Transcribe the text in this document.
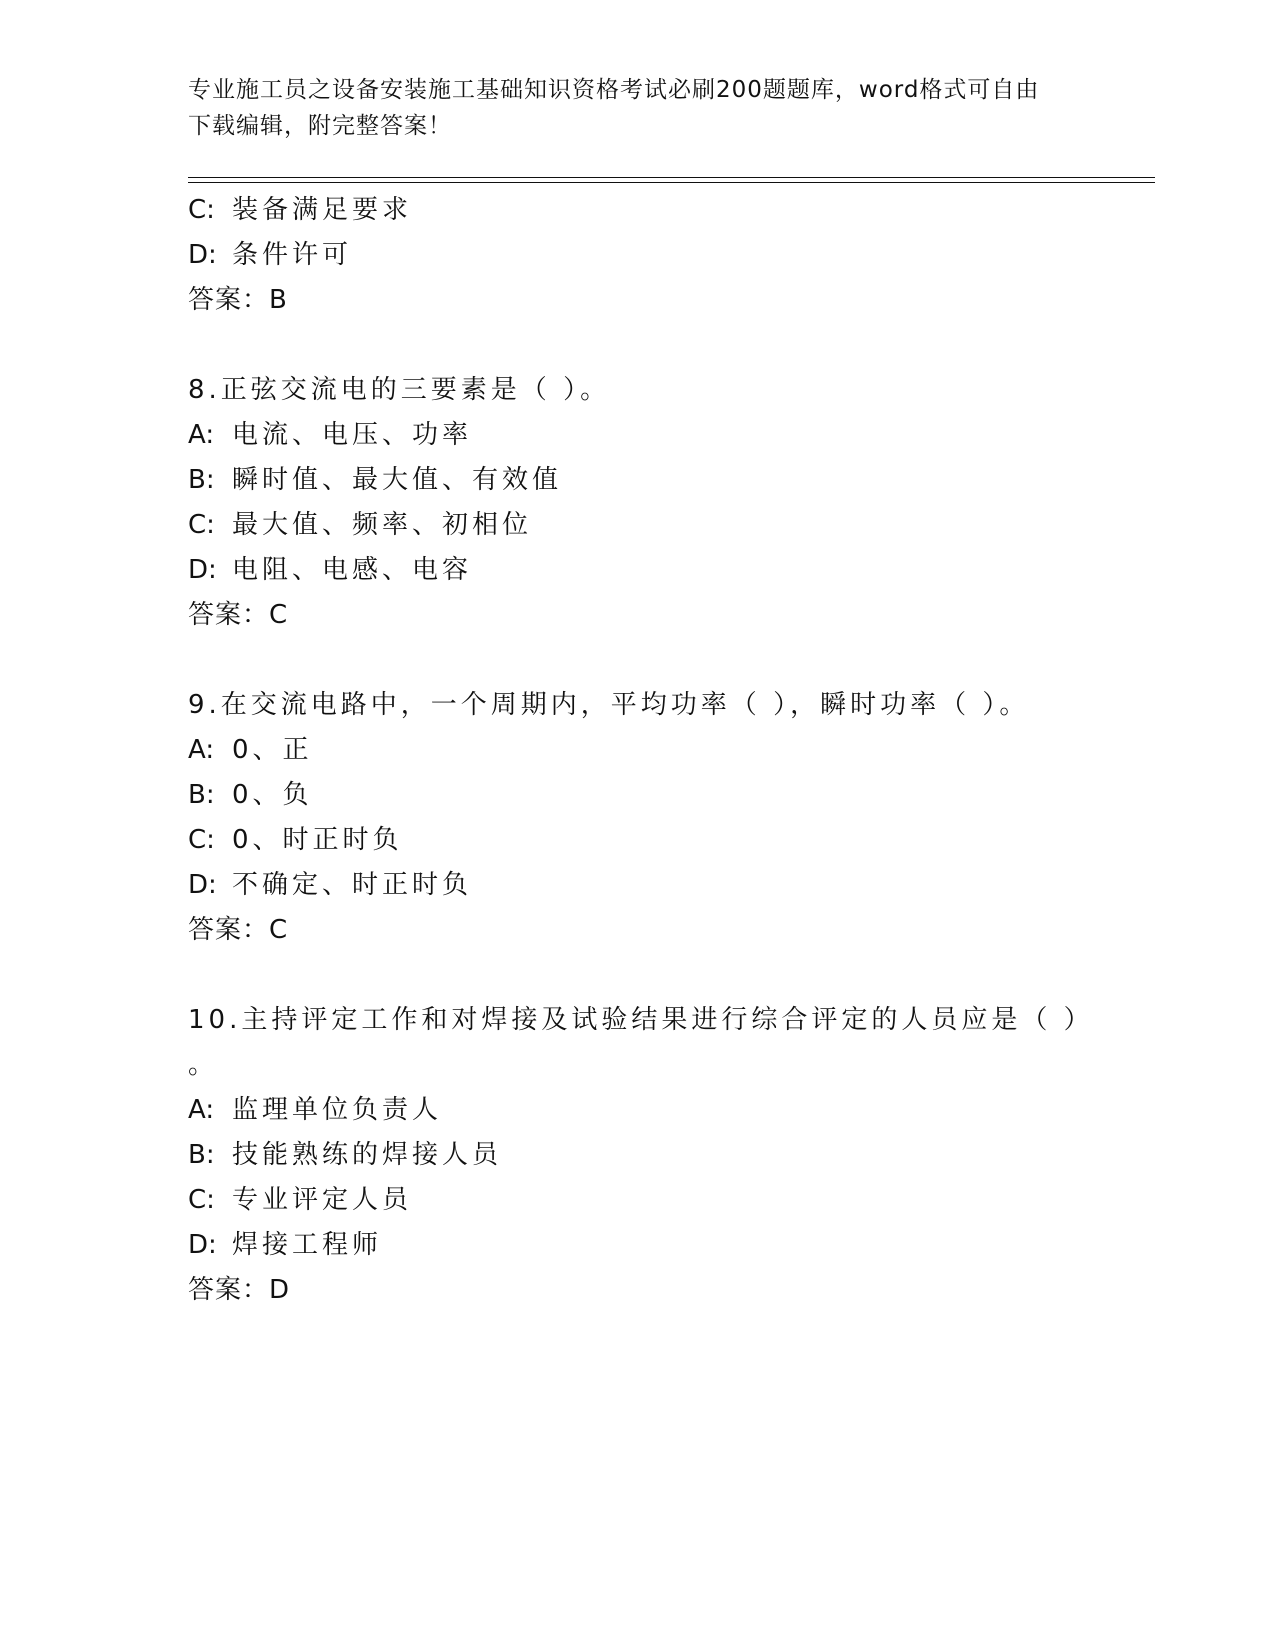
专业施工员之设备安装施工基础知识资格考试必刷200题题库，word格式可自由
下载编辑，附完整答案！
C: 装备满足要求
D: 条件许可
答案：B
8.正弦交流电的三要素是（ ）。
A: 电流、电压、功率
B: 瞬时值、最大值、有效值
C: 最大值、频率、初相位
D: 电阻、电感、电容
答案：C
9.在交流电路中，一个周期内，平均功率（ ），瞬时功率（ ）。
A: 0、正
B: 0、负
C: 0、时正时负
D: 不确定、时正时负
答案：C
10.主持评定工作和对焊接及试验结果进行综合评定的人员应是（ ）
。
A: 监理单位负责人
B: 技能熟练的焊接人员
C: 专业评定人员
D: 焊接工程师
答案：D
